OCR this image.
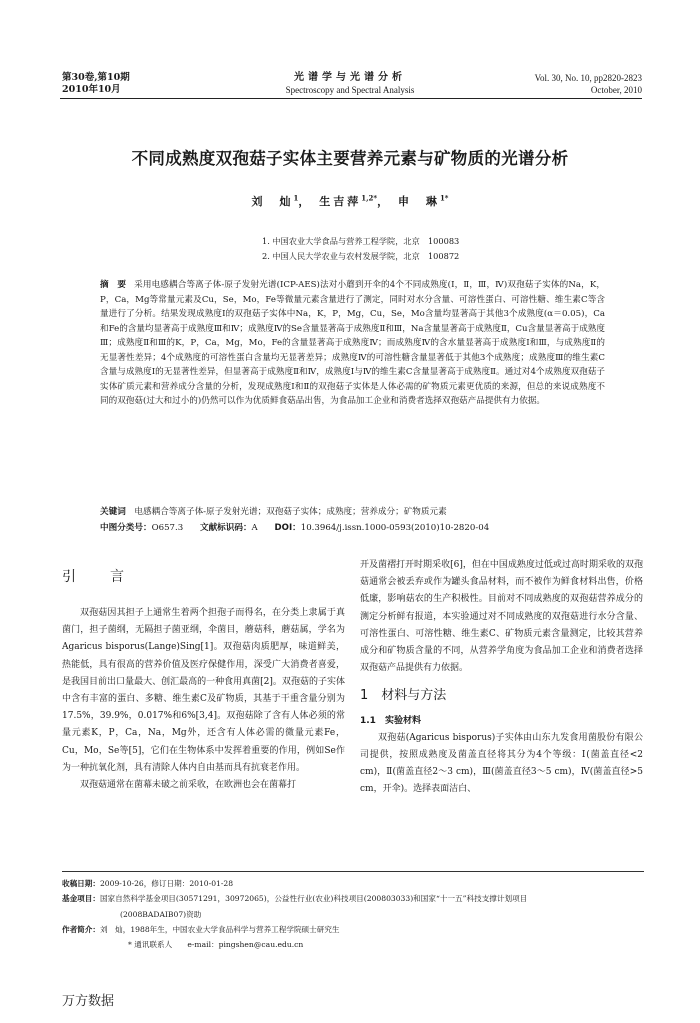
第30卷,第10期
2010年10月
光谱学与光谱分析
Spectroscopy and Spectral Analysis
Vol. 30, No. 10, pp2820-2823
October, 2010
不同成熟度双孢菇子实体主要营养元素与矿物质的光谱分析
刘　灿$^1$， 生吉萍$^{1,2*}$， 申　琳$^{1*}$
1. 中国农业大学食品与营养工程学院，北京　100083
2. 中国人民大学农业与农村发展学院，北京　100872
摘　要 采用电感耦合等离子体-原子发射光谱(ICP-AES)法对小蘑到开伞的4个不同成熟度(Ⅰ，Ⅱ，Ⅲ，Ⅳ)双孢菇子实体的Na，K，P，Ca，Mg等常量元素及Cu，Se，Mo，Fe等微量元素含量进行了测定，同时对水分含量、可溶性蛋白、可溶性糖、维生素C等含量进行了分析。结果发现成熟度Ⅰ的双孢菇子实体中Na，K，P，Mg，Cu，Se，Mo含量均显著高于其他3个成熟度(α＝0.05)，Ca和Fe的含量均显著高于成熟度Ⅲ和Ⅳ；成熟度Ⅳ的Se含量显著高于成熟度Ⅱ和Ⅲ，Na含量显著高于成熟度Ⅱ，Cu含量显著高于成熟度Ⅲ；成熟度Ⅱ和Ⅲ的K，P，Ca，Mg，Mo，Fe的含量显著高于成熟度Ⅳ；而成熟度Ⅳ的含水量显著高于成熟度Ⅰ和Ⅲ，与成熟度Ⅱ的无显著性差异；4个成熟度的可溶性蛋白含量均无显著差异；成熟度Ⅳ的可溶性糖含量显著低于其他3个成熟度；成熟度Ⅲ的维生素C含量与成熟度Ⅰ的无显著性差异，但显著高于成熟度Ⅱ和Ⅳ，成熟度Ⅰ与Ⅳ的维生素C含量显著高于成熟度Ⅱ。通过对4个成熟度双孢菇子实体矿质元素和营养成分含量的分析，发现成熟度Ⅰ和Ⅱ的双孢菇子实体是人体必需的矿物质元素更优质的来源，但总的来说成熟度不同的双孢菇(过大和过小的)仍然可以作为优质鲜食菇品出售，为食品加工企业和消费者选择双孢菇产品提供有力依据。
关键词　 电感耦合等离子体-原子发射光谱；双孢菇子实体；成熟度；营养成分；矿物质元素
中图分类号：O657.3 文献标识码：A DOI：10.3964/j.issn.1000-0593(2010)10-2820-04
引　言

双孢菇因其担子上通常生着两个担孢子而得名，在分类上隶属于真菌门，担子菌纲，无隔担子菌亚纲，伞菌目，蘑菇科，蘑菇属，学名为Agaricus bisporus(Lange)Sing[1]。双孢菇肉质肥厚，味道鲜美，热能低，具有很高的营养价值及医疗保健作用，深受广大消费者喜爱，是我国目前出口量最大、创汇最高的一种食用真菌[2]。双孢菇的子实体中含有丰富的蛋白、多糖、维生素C及矿物质，其基于干重含量分别为17.5%，39.9%，0.017%和6%[3,4]。双孢菇除了含有人体必须的常量元素K，P，Ca，Na，Mg外，还含有人体必需的微量元素Fe，Cu，Mo，Se等[5]，它们在生物体系中发挥着重要的作用，例如Se作为一种抗氧化剂，具有清除人体内自由基而具有抗衰老作用。

双孢菇通常在菌幕未破之前采收，在欧洲也会在菌幕打

开及菌褶打开时期采收[6]，但在中国成熟度过低或过高时期采收的双孢菇通常会被丢弃或作为罐头食品材料，而不被作为鲜食材料出售，价格低廉，影响菇农的生产积极性。目前对不同成熟度的双孢菇营养成分的测定分析鲜有报道，本实验通过对不同成熟度的双孢菇进行水分含量、可溶性蛋白、可溶性糖、维生素C、矿物质元素含量测定，比较其营养成分和矿物质含量的不同，从营养学角度为食品加工企业和消费者选择双孢菇产品提供有力依据。

1　材料与方法
1.1　实验材料

双孢菇(Agaricus bisporus)子实体由山东九发食用菌股份有限公司提供，按照成熟度及菌盖直径将其分为4个等级：Ⅰ(菌盖直径<2 cm)，Ⅱ(菌盖直径2～3 cm)，Ⅲ(菌盖直径3～5 cm)，Ⅳ(菌盖直径>5 cm，开伞)。选择表面洁白、

收稿日期：2009-10-26，修订日期：2010-01-28
基金项目：国家自然科学基金项目(30571291，30972065)，公益性行业(农业)科技项目(200803033)和国家“十一五”科技支撑计划项目
(2008BADAIB07)资助
作者简介：刘　灿，1988年生，中国农业大学食品科学与营养工程学院硕士研究生
* 通讯联系人　　e-mail：pingshen@cau.edu.cn
万方数据
